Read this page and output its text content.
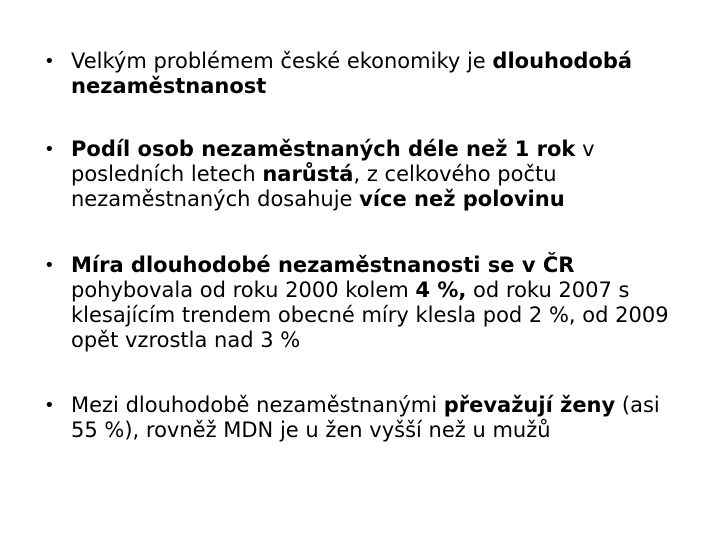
• Velkým problémem české ekonomiky je dlouhodobá nezaměstnanost
• Podíl osob nezaměstnaných déle než 1 rok v posledních letech narůstá, z celkového počtu nezaměstnaných dosahuje více než polovinu
• Míra dlouhodobé nezaměstnanosti se v ČR pohybovala od roku 2000 kolem 4 %, od roku 2007 s klesajícím trendem obecné míry klesla pod 2 %, od 2009 opět vzrostla nad 3 %
• Mezi dlouhodobě nezaměstnanými převažují ženy (asi 55 %), rovněž MDN je u žen vyšší než u mužů
